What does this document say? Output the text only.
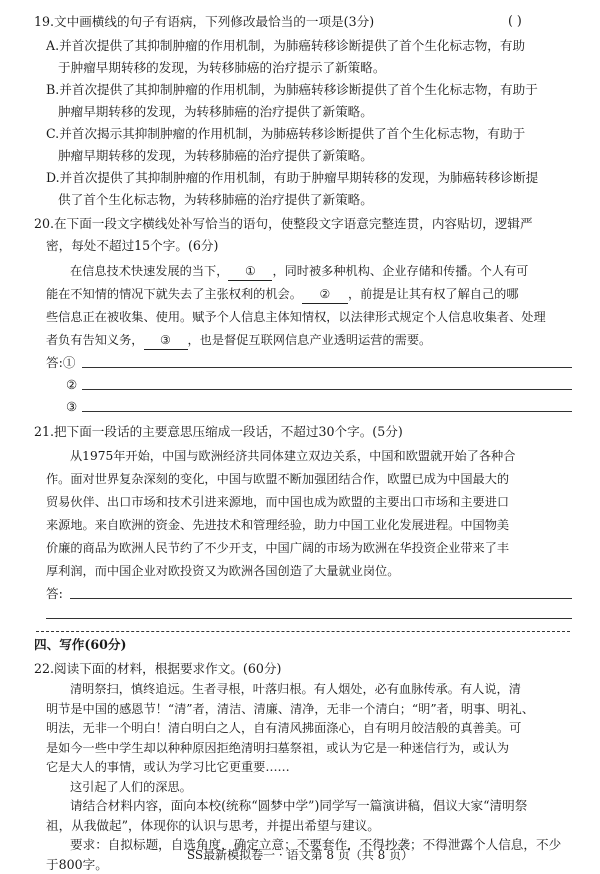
19.文中画横线的句子有语病，下列修改最恰当的一项是(3分)	( )
A.并首次提供了其抑制肿瘤的作用机制，为肺癌转移诊断提供了首个生化标志物，有助
于肿瘤早期转移的发现，为转移肺癌的治疗提示了新策略。
B.并首次提供了其抑制肿瘤的作用机制，为肺癌转移诊断提供了首个生化标志物，有助于
肿瘤早期转移的发现，为转移肺癌的治疗提供了新策略。
C.并首次揭示其抑制肿瘤的作用机制，为肺癌转移诊断提供了首个生化标志物，有助于
肿瘤早期转移的发现，为转移肺癌的治疗提供了新策略。
D.并首次提供了其抑制肿瘤的作用机制，有助于肿瘤早期转移的发现，为肺癌转移诊断提
供了首个生化标志物，为转移肺癌的治疗提供了新策略。
20.在下面一段文字横线处补写恰当的语句，使整段文字语意完整连贯，内容贴切，逻辑严
密，每处不超过15个字。(6分)
在信息技术快速发展的当下， ① ，同时被多种机构、企业存储和传播。个人有可
能在不知情的情况下就失去了主张权利的机会。 ② ，前提是让其有权了解自己的哪
些信息正在被收集、使用。赋予个人信息主体知情权，以法律形式规定个人信息收集者、处理
者负有告知义务， ③ ，也是督促互联网信息产业透明运营的需要。
答:①
②
③
21.把下面一段话的主要意思压缩成一段话，不超过30个字。(5分)
从1975年开始，中国与欧洲经济共同体建立双边关系，中国和欧盟就开始了各种合
作。面对世界复杂深刻的变化，中国与欧盟不断加强团结合作，欧盟已成为中国最大的
贸易伙伴、出口市场和技术引进来源地，而中国也成为欧盟的主要出口市场和主要进口
来源地。来自欧洲的资金、先进技术和管理经验，助力中国工业化发展进程。中国物美
价廉的商品为欧洲人民节约了不少开支，中国广阔的市场为欧洲在华投资企业带来了丰
厚利润，而中国企业对欧投资又为欧洲各国创造了大量就业岗位。
答:
四、写作(60分)
22.阅读下面的材料，根据要求作文。(60分)
清明祭扫，慎终追远。生者寻根，叶落归根。有人烟处，必有血脉传承。有人说，清
明节是中国的感恩节！“清”者，清洁、清廉、清净，无非一个清白；“明”者，明事、明礼、
明法，无非一个明白！清白明白之人，自有清风拂面涤心，自有明月皎洁般的真善美。可
是如今一些中学生却以种种原因拒绝清明扫墓祭祖，或认为它是一种迷信行为，或认为
它是大人的事情，或认为学习比它更重要……
这引起了人们的深思。
请结合材料内容，面向本校(统称“圆梦中学”)同学写一篇演讲稿，倡议大家“清明祭
祖，从我做起”，体现你的认识与思考，并提出希望与建议。
要求：自拟标题，自选角度，确定立意；不要套作，不得抄袭；不得泄露个人信息，不少
于800字。
SS最新模拟卷一 · 语文第 8 页（共 8 页）
